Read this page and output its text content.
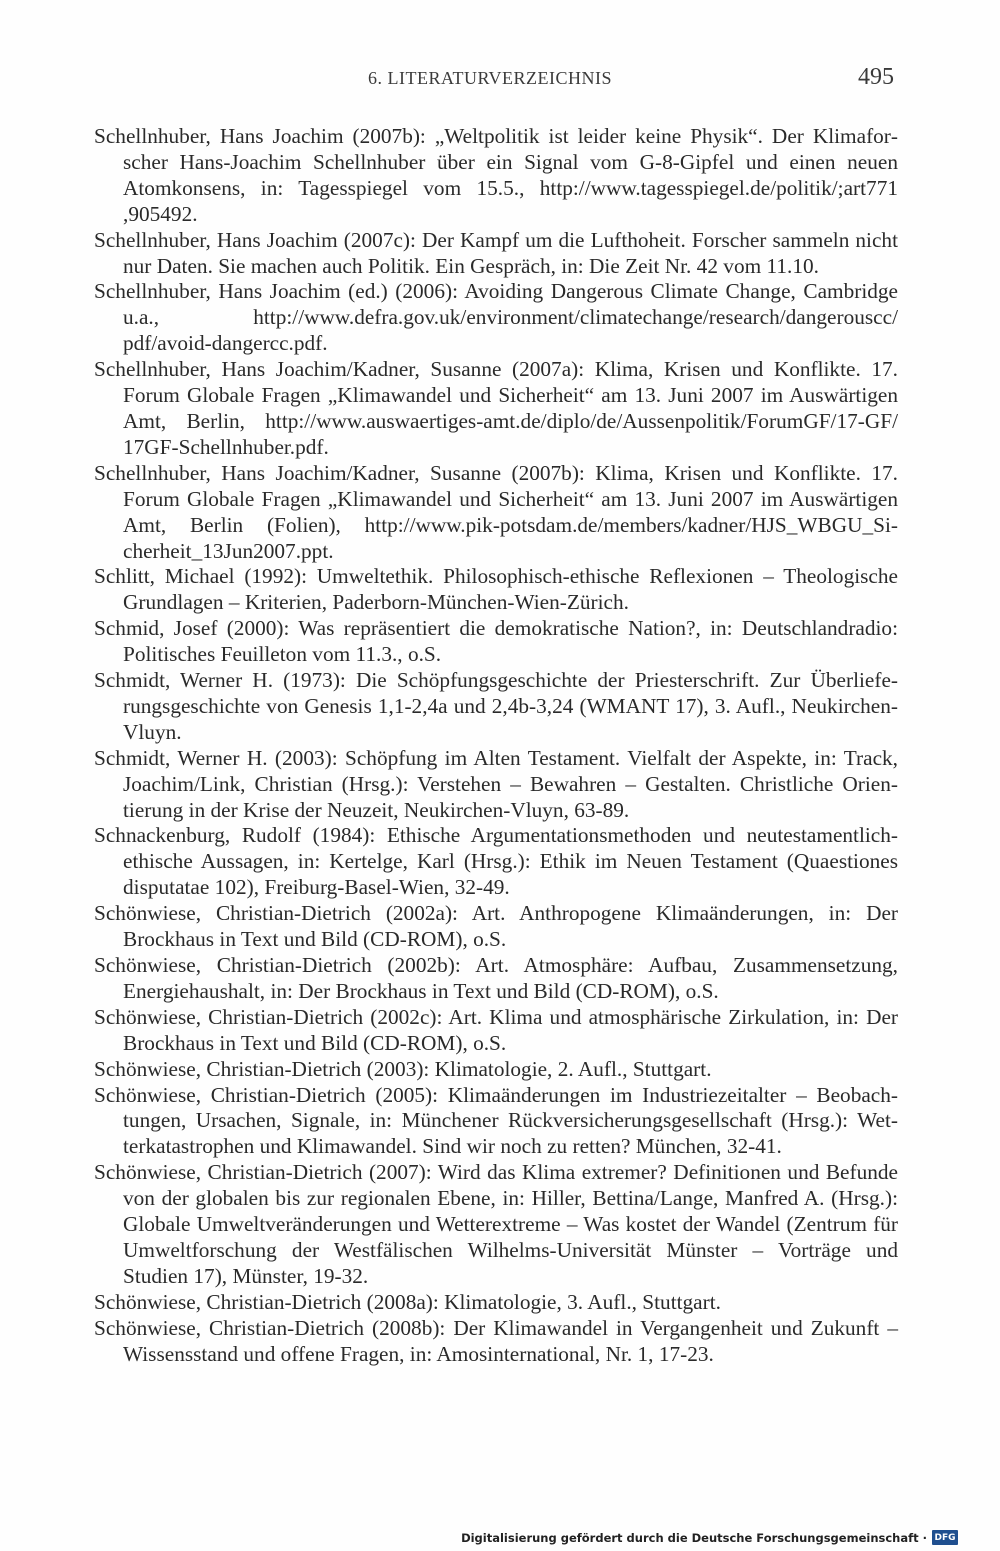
6. LITERATURVERZEICHNIS	495
Schellnhuber, Hans Joachim (2007b): „Weltpolitik ist leider keine Physik“. Der Klimaforscher Hans-Joachim Schellnhuber über ein Signal vom G-8-Gipfel und einen neuen Atomkonsens, in: Tagesspiegel vom 15.5., http://www.tagesspiegel.de/politik/;art771 ,905492.
Schellnhuber, Hans Joachim (2007c): Der Kampf um die Lufthoheit. Forscher sammeln nicht nur Daten. Sie machen auch Politik. Ein Gespräch, in: Die Zeit Nr. 42 vom 11.10.
Schellnhuber, Hans Joachim (ed.) (2006): Avoiding Dangerous Climate Change, Cambridge u.a., http://www.defra.gov.uk/environment/climatechange/research/dangerouscc/ pdf/avoid-dangercc.pdf.
Schellnhuber, Hans Joachim/Kadner, Susanne (2007a): Klima, Krisen und Konflikte. 17. Forum Globale Fragen „Klimawandel und Sicherheit“ am 13. Juni 2007 im Auswärtigen Amt, Berlin, http://www.auswaertiges-amt.de/diplo/de/Aussenpolitik/ForumGF/17-GF/ 17GF-Schellnhuber.pdf.
Schellnhuber, Hans Joachim/Kadner, Susanne (2007b): Klima, Krisen und Konflikte. 17. Forum Globale Fragen „Klimawandel und Sicherheit“ am 13. Juni 2007 im Auswärtigen Amt, Berlin (Folien), http://www.pik-potsdam.de/members/kadner/HJS_WBGU_Sicherheit_13Jun2007.ppt.
Schlitt, Michael (1992): Umweltethik. Philosophisch-ethische Reflexionen – Theologische Grundlagen – Kriterien, Paderborn-München-Wien-Zürich.
Schmid, Josef (2000): Was repräsentiert die demokratische Nation?, in: Deutschlandradio: Politisches Feuilleton vom 11.3., o.S.
Schmidt, Werner H. (1973): Die Schöpfungsgeschichte der Priesterschrift. Zur Überlieferungsgeschichte von Genesis 1,1-2,4a und 2,4b-3,24 (WMANT 17), 3. Aufl., Neukirchen-Vluyn.
Schmidt, Werner H. (2003): Schöpfung im Alten Testament. Vielfalt der Aspekte, in: Track, Joachim/Link, Christian (Hrsg.): Verstehen – Bewahren – Gestalten. Christliche Orientierung in der Krise der Neuzeit, Neukirchen-Vluyn, 63-89.
Schnackenburg, Rudolf (1984): Ethische Argumentationsmethoden und neutestamentlichethische Aussagen, in: Kertelge, Karl (Hrsg.): Ethik im Neuen Testament (Quaestiones disputatae 102), Freiburg-Basel-Wien, 32-49.
Schönwiese, Christian-Dietrich (2002a): Art. Anthropogene Klimaänderungen, in: Der Brockhaus in Text und Bild (CD-ROM), o.S.
Schönwiese, Christian-Dietrich (2002b): Art. Atmosphäre: Aufbau, Zusammensetzung, Energiehaushalt, in: Der Brockhaus in Text und Bild (CD-ROM), o.S.
Schönwiese, Christian-Dietrich (2002c): Art. Klima und atmosphärische Zirkulation, in: Der Brockhaus in Text und Bild (CD-ROM), o.S.
Schönwiese, Christian-Dietrich (2003): Klimatologie, 2. Aufl., Stuttgart.
Schönwiese, Christian-Dietrich (2005): Klimaänderungen im Industriezeitalter – Beobachtungen, Ursachen, Signale, in: Münchener Rückversicherungsgesellschaft (Hrsg.): Wetterkatastrophen und Klimawandel. Sind wir noch zu retten? München, 32-41.
Schönwiese, Christian-Dietrich (2007): Wird das Klima extremer? Definitionen und Befunde von der globalen bis zur regionalen Ebene, in: Hiller, Bettina/Lange, Manfred A. (Hrsg.): Globale Umweltveränderungen und Wetterextreme – Was kostet der Wandel (Zentrum für Umweltforschung der Westfälischen Wilhelms-Universität Münster – Vorträge und Studien 17), Münster, 19-32.
Schönwiese, Christian-Dietrich (2008a): Klimatologie, 3. Aufl., Stuttgart.
Schönwiese, Christian-Dietrich (2008b): Der Klimawandel in Vergangenheit und Zukunft – Wissensstand und offene Fragen, in: Amosinternational, Nr. 1, 17-23.
Digitalisierung gefördert durch die Deutsche Forschungsgemeinschaft · DFG
